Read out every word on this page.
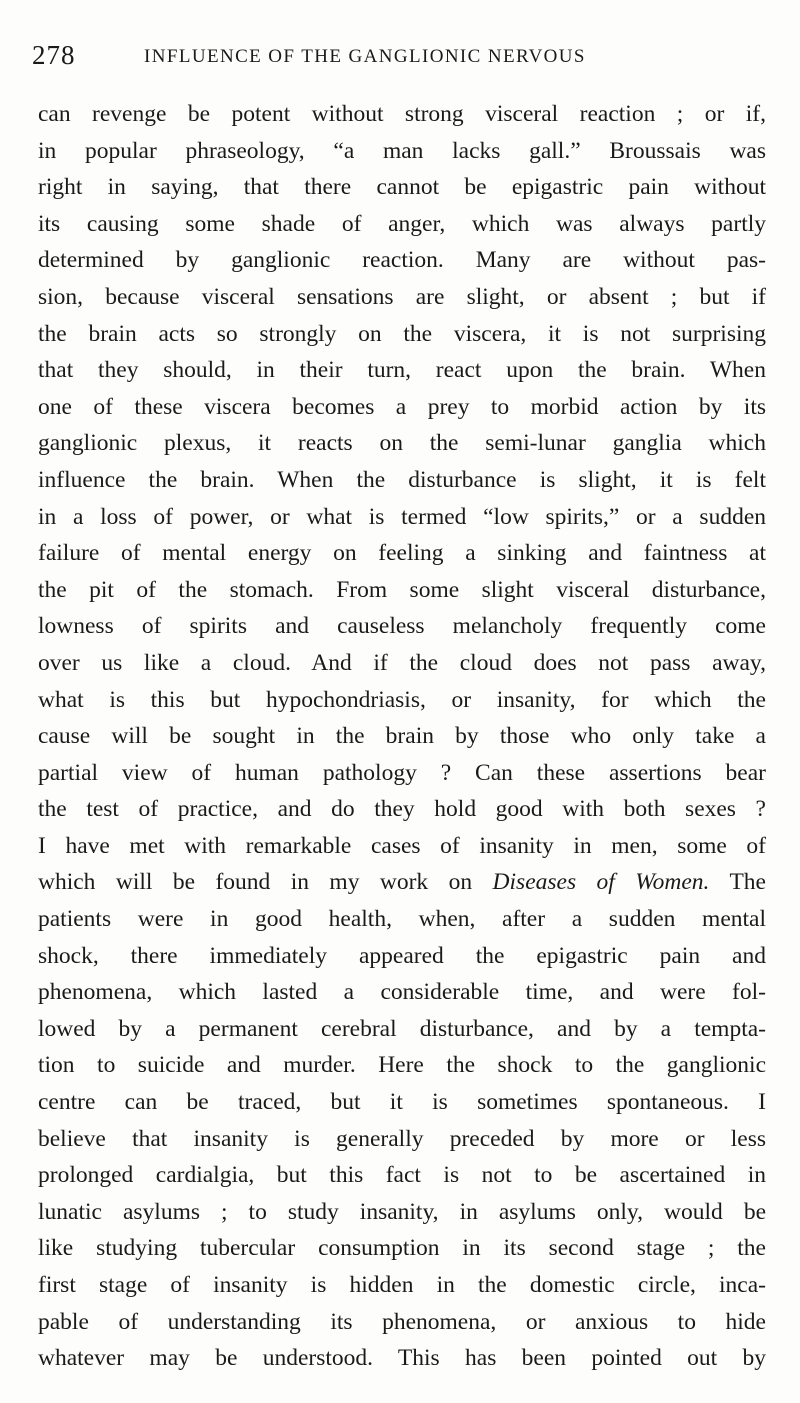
278	INFLUENCE OF THE GANGLIONIC NERVOUS
can revenge be potent without strong visceral reaction ; or if,
in popular phraseology, “a man lacks gall.” Broussais was
right in saying, that there cannot be epigastric pain without
its causing some shade of anger, which was always partly
determined by ganglionic reaction. Many are without pas-
sion, because visceral sensations are slight, or absent ; but if
the brain acts so strongly on the viscera, it is not surprising
that they should, in their turn, react upon the brain. When
one of these viscera becomes a prey to morbid action by its
ganglionic plexus, it reacts on the semi-lunar ganglia which
influence the brain. When the disturbance is slight, it is felt
in a loss of power, or what is termed “low spirits,” or a sudden
failure of mental energy on feeling a sinking and faintness at
the pit of the stomach. From some slight visceral disturbance,
lowness of spirits and causeless melancholy frequently come
over us like a cloud. And if the cloud does not pass away,
what is this but hypochondriasis, or insanity, for which the
cause will be sought in the brain by those who only take a
partial view of human pathology ? Can these assertions bear
the test of practice, and do they hold good with both sexes ?
I have met with remarkable cases of insanity in men, some of
which will be found in my work on Diseases of Women. The
patients were in good health, when, after a sudden mental
shock, there immediately appeared the epigastric pain and
phenomena, which lasted a considerable time, and were fol-
lowed by a permanent cerebral disturbance, and by a tempta-
tion to suicide and murder. Here the shock to the ganglionic
centre can be traced, but it is sometimes spontaneous. I
believe that insanity is generally preceded by more or less
prolonged cardialgia, but this fact is not to be ascertained in
lunatic asylums ; to study insanity, in asylums only, would be
like studying tubercular consumption in its second stage ; the
first stage of insanity is hidden in the domestic circle, inca-
pable of understanding its phenomena, or anxious to hide
whatever may be understood. This has been pointed out by
